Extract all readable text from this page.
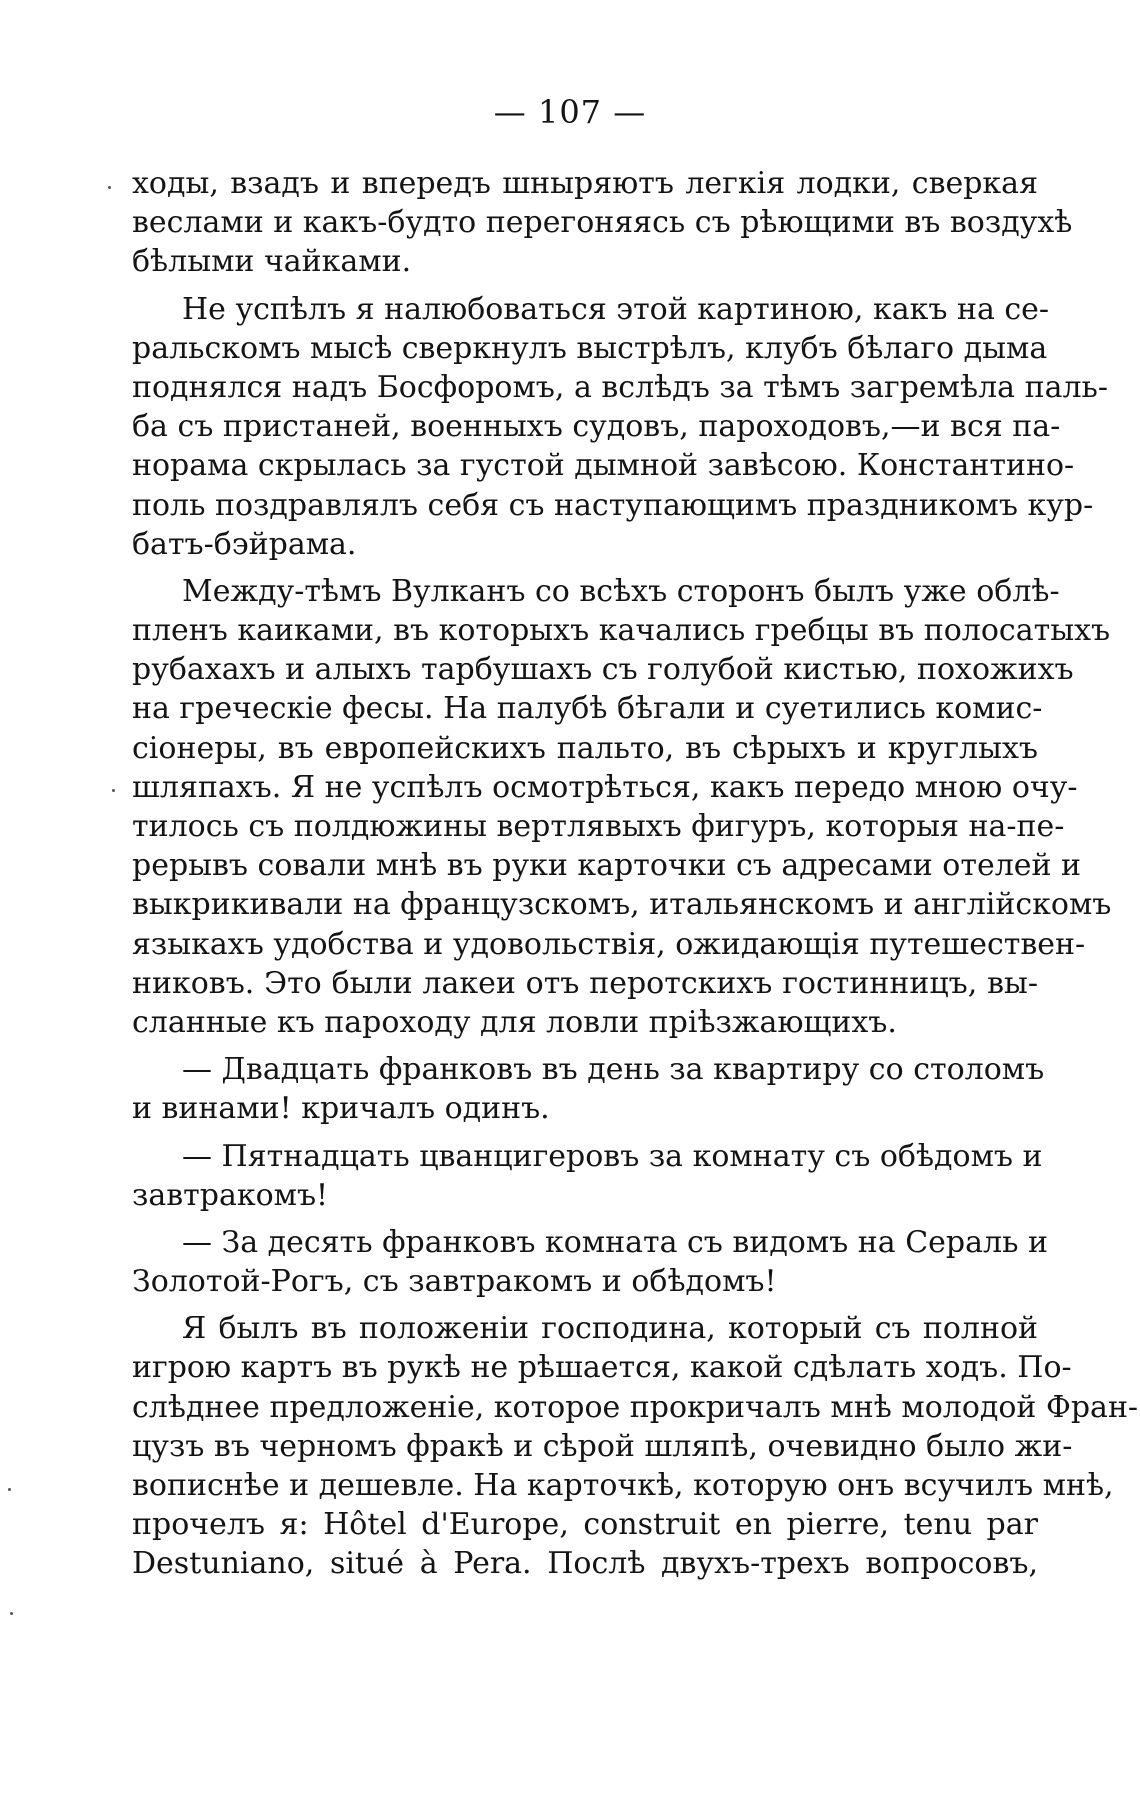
— 107 —
ходы, взадъ и впередъ шныряютъ легкія лодки, сверкая
веслами и какъ-будто перегоняясь съ рѣющими въ воздухѣ
бѣлыми чайками.
Не успѣлъ я налюбоваться этой картиною, какъ на се-
ральскомъ мысѣ сверкнулъ выстрѣлъ, клубъ бѣлаго дыма
поднялся надъ Босфоромъ, а вслѣдъ за тѣмъ загремѣла паль-
ба съ пристаней, военныхъ судовъ, пароходовъ,—и вся па-
норама скрылась за густой дымной завѣсою. Константино-
поль поздравлялъ себя съ наступающимъ праздникомъ кур-
батъ-бэйрама.
Между-тѣмъ Вулканъ со всѣхъ сторонъ былъ уже облѣ-
пленъ каиками, въ которыхъ качались гребцы въ полосатыхъ
рубахахъ и алыхъ тарбушахъ съ голубой кистью, похожихъ
на греческіе фесы. На палубѣ бѣгали и суетились комис-
сіонеры, въ европейскихъ пальто, въ сѣрыхъ и круглыхъ
шляпахъ. Я не успѣлъ осмотрѣться, какъ передо мною очу-
тилось съ полдюжины вертлявыхъ фигуръ, которыя на-пе-
рерывъ совали мнѣ въ руки карточки съ адресами отелей и
выкрикивали на французскомъ, итальянскомъ и англійскомъ
языкахъ удобства и удовольствія, ожидающія путешествен-
никовъ. Это были лакеи отъ перотскихъ гостинницъ, вы-
сланные къ пароходу для ловли пріѣзжающихъ.
— Двадцать франковъ въ день за квартиру со столомъ
и винами! кричалъ одинъ.
— Пятнадцать цванцигеровъ за комнату съ обѣдомъ и
завтракомъ!
— За десять франковъ комната съ видомъ на Сераль и
Золотой-Рогъ, съ завтракомъ и обѣдомъ!
Я былъ въ положеніи господина, который съ полной
игрою картъ въ рукѣ не рѣшается, какой сдѣлать ходъ. По-
слѣднее предложеніе, которое прокричалъ мнѣ молодой Фран-
цузъ въ черномъ фракѣ и сѣрой шляпѣ, очевидно было жи-
вописнѣе и дешевле. На карточкѣ, которую онъ всучилъ мнѣ,
прочелъ я: Hôtel d'Europe, construit en pierre, tenu par
Destuniano, situé à Pera. Послѣ двухъ-трехъ вопросовъ,
